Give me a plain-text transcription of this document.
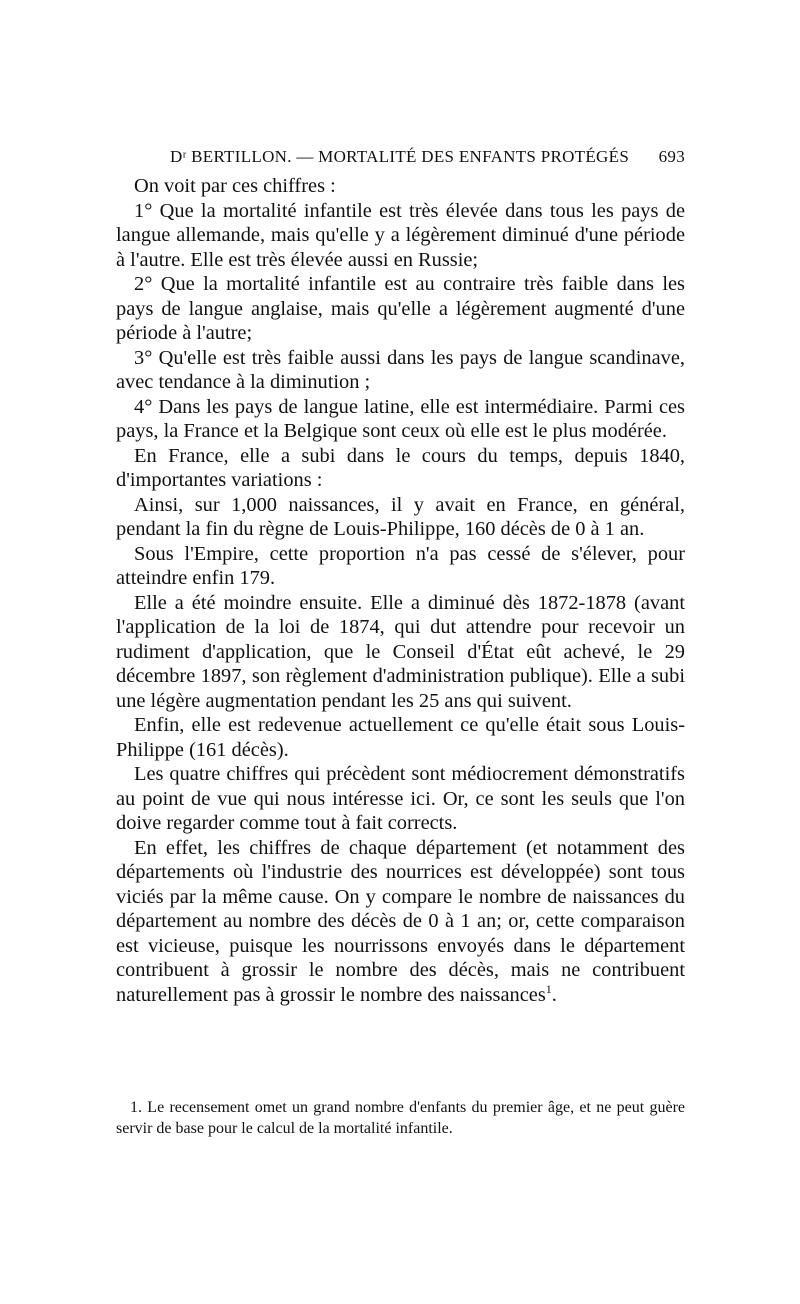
Dʳ BERTILLON. — MORTALITÉ DES ENFANTS PROTÉGÉS 693

On voit par ces chiffres :

1° Que la mortalité infantile est très élevée dans tous les pays de langue allemande, mais qu'elle y a légèrement diminué d'une période à l'autre. Elle est très élevée aussi en Russie;

2° Que la mortalité infantile est au contraire très faible dans les pays de langue anglaise, mais qu'elle a légèrement augmenté d'une période à l'autre;

3° Qu'elle est très faible aussi dans les pays de langue scandinave, avec tendance à la diminution ;

4° Dans les pays de langue latine, elle est intermédiaire. Parmi ces pays, la France et la Belgique sont ceux où elle est le plus modérée.

En France, elle a subi dans le cours du temps, depuis 1840, d'importantes variations :

Ainsi, sur 1,000 naissances, il y avait en France, en général, pendant la fin du règne de Louis-Philippe, 160 décès de 0 à 1 an.

Sous l'Empire, cette proportion n'a pas cessé de s'élever, pour atteindre enfin 179.

Elle a été moindre ensuite. Elle a diminué dès 1872-1878 (avant l'application de la loi de 1874, qui dut attendre pour recevoir un rudiment d'application, que le Conseil d'État eût achevé, le 29 décembre 1897, son règlement d'administration publique). Elle a subi une légère augmentation pendant les 25 ans qui suivent.

Enfin, elle est redevenue actuellement ce qu'elle était sous Louis-Philippe (161 décès).

Les quatre chiffres qui précèdent sont médiocrement démonstratifs au point de vue qui nous intéresse ici. Or, ce sont les seuls que l'on doive regarder comme tout à fait corrects.

En effet, les chiffres de chaque département (et notamment des départements où l'industrie des nourrices est développée) sont tous viciés par la même cause. On y compare le nombre de naissances du département au nombre des décès de 0 à 1 an; or, cette comparaison est vicieuse, puisque les nourrissons envoyés dans le département contribuent à grossir le nombre des décès, mais ne contribuent naturellement pas à grossir le nombre des naissances$^1$.

1. Le recensement omet un grand nombre d'enfants du premier âge, et ne peut guère servir de base pour le calcul de la mortalité infantile.
